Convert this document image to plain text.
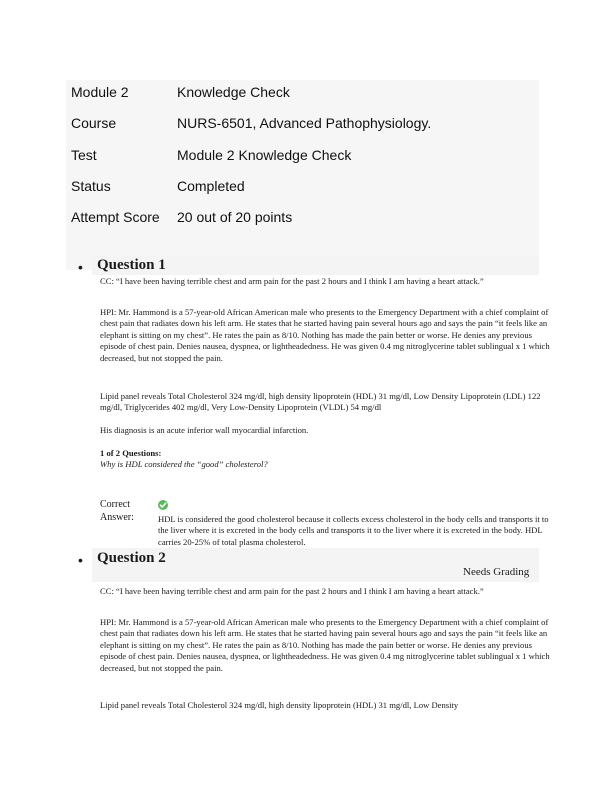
Module 2	Knowledge Check
Course	NURS-6501, Advanced Pathophysiology.
Test	Module 2 Knowledge Check
Status	Completed
Attempt Score 20 out of 20 points
• Question 1

CC: “I have been having terrible chest and arm pain for the past 2 hours and I think I am having a heart attack.”

HPI: Mr. Hammond is a 57-year-old African American male who presents to the Emergency Department with a chief complaint of chest pain that radiates down his left arm. He states that he started having pain several hours ago and says the pain “it feels like an elephant is sitting on my chest”. He rates the pain as 8/10. Nothing has made the pain better or worse. He denies any previous episode of chest pain. Denies nausea, dyspnea, or lightheadedness. He was given 0.4 mg nitroglycerine tablet sublingual x 1 which decreased, but not stopped the pain.

Lipid panel reveals Total Cholesterol 324 mg/dl, high density lipoprotein (HDL) 31 mg/dl, Low Density Lipoprotein (LDL) 122 mg/dl, Triglycerides 402 mg/dl, Very Low-Density Lipoprotein (VLDL) 54 mg/dl

His diagnosis is an acute inferior wall myocardial infarction.

1 of 2 Questions:

Why is HDL considered the “good” cholesterol?

Correct
Answer:	HDL is considered the good cholesterol because it collects excess cholesterol in the body cells and transports it to the liver where it is excreted in the body cells and transports it to the liver where it is excreted in the body. HDL carries 20-25% of total plasma cholesterol.

• Question 2
Needs Grading

CC: “I have been having terrible chest and arm pain for the past 2 hours and I think I am having a heart attack.”

HPI: Mr. Hammond is a 57-year-old African American male who presents to the Emergency Department with a chief complaint of chest pain that radiates down his left arm. He states that he started having pain several hours ago and says the pain “it feels like an elephant is sitting on my chest”. He rates the pain as 8/10. Nothing has made the pain better or worse. He denies any previous episode of chest pain. Denies nausea, dyspnea, or lightheadedness. He was given 0.4 mg nitroglycerine tablet sublingual x 1 which decreased, but not stopped the pain.

Lipid panel reveals Total Cholesterol 324 mg/dl, high density lipoprotein (HDL) 31 mg/dl, Low Density
